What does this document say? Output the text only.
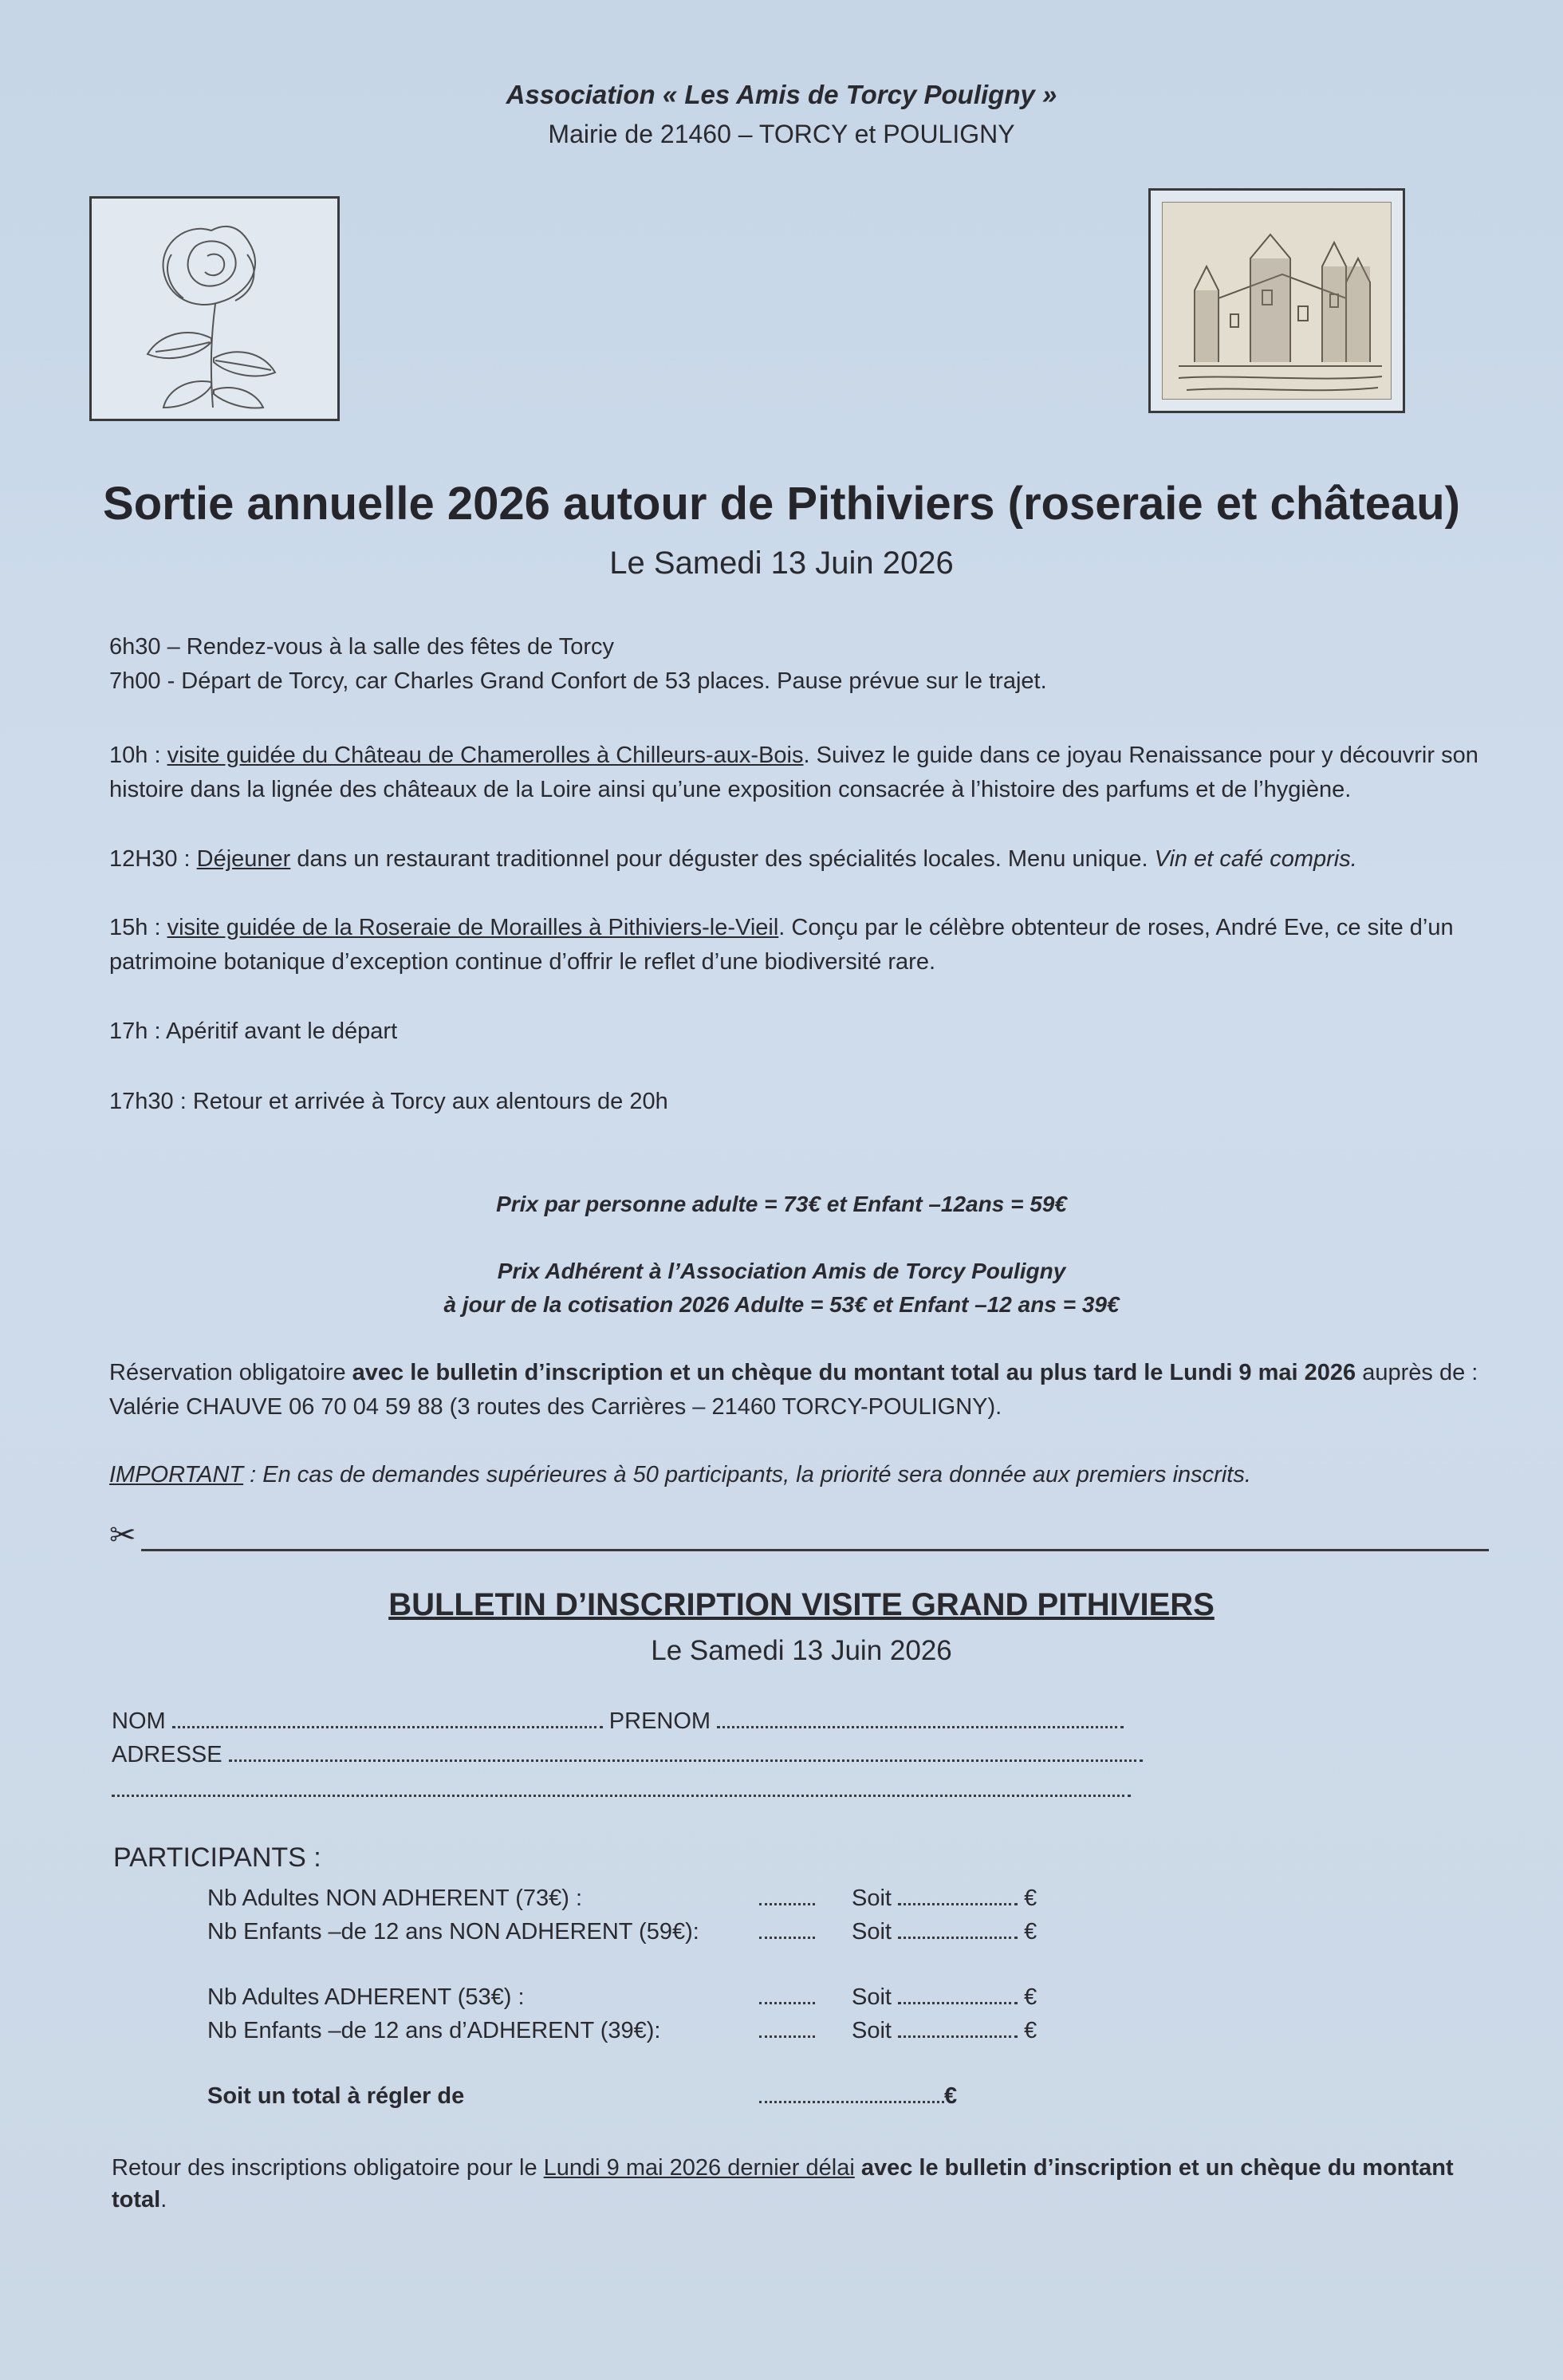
Association « Les Amis de Torcy Pouligny »
Mairie de 21460 – TORCY et POULIGNY
Sortie annuelle 2026 autour de Pithiviers (roseraie et château)
Le Samedi 13 Juin 2026
6h30 – Rendez-vous à la salle des fêtes de Torcy
7h00 - Départ de Torcy, car Charles Grand Confort de 53 places. Pause prévue sur le trajet.
10h : visite guidée du Château de Chamerolles à Chilleurs-aux-Bois. Suivez le guide dans ce joyau Renaissance pour y découvrir son histoire dans la lignée des châteaux de la Loire ainsi qu’une exposition consacrée à l’histoire des parfums et de l’hygiène.
12H30 : Déjeuner dans un restaurant traditionnel pour déguster des spécialités locales. Menu unique. Vin et café compris.
15h : visite guidée de la Roseraie de Morailles à Pithiviers-le-Vieil. Conçu par le célèbre obtenteur de roses, André Eve, ce site d’un patrimoine botanique d’exception continue d’offrir le reflet d’une biodiversité rare.
17h : Apéritif avant le départ
17h30 : Retour et arrivée à Torcy aux alentours de 20h
Prix par personne adulte = 73€ et Enfant –12ans = 59€
Prix Adhérent à l’Association Amis de Torcy Pouligny
à jour de la cotisation 2026 Adulte = 53€ et Enfant –12 ans = 39€
Réservation obligatoire avec le bulletin d’inscription et un chèque du montant total au plus tard le Lundi 9 mai 2026 auprès de : Valérie CHAUVE 06 70 04 59 88 (3 routes des Carrières – 21460 TORCY-POULIGNY).
IMPORTANT : En cas de demandes supérieures à 50 participants, la priorité sera donnée aux premiers inscrits.
✂
BULLETIN D’INSCRIPTION VISITE GRAND PITHIVIERS
Le Samedi 13 Juin 2026
NOM	PRENOM
ADRESSE
PARTICIPANTS :
Nb Adultes NON ADHERENT (73€) :	Soit	€
Nb Enfants –de 12 ans NON ADHERENT (59€):	Soit	€
Nb Adultes ADHERENT (53€) :	Soit	€
Nb Enfants –de 12 ans d’ADHERENT (39€):	Soit	€
Soit un total à régler de	€
Retour des inscriptions obligatoire pour le Lundi 9 mai 2026 dernier délai avec le bulletin d’inscription et un chèque du montant total.
